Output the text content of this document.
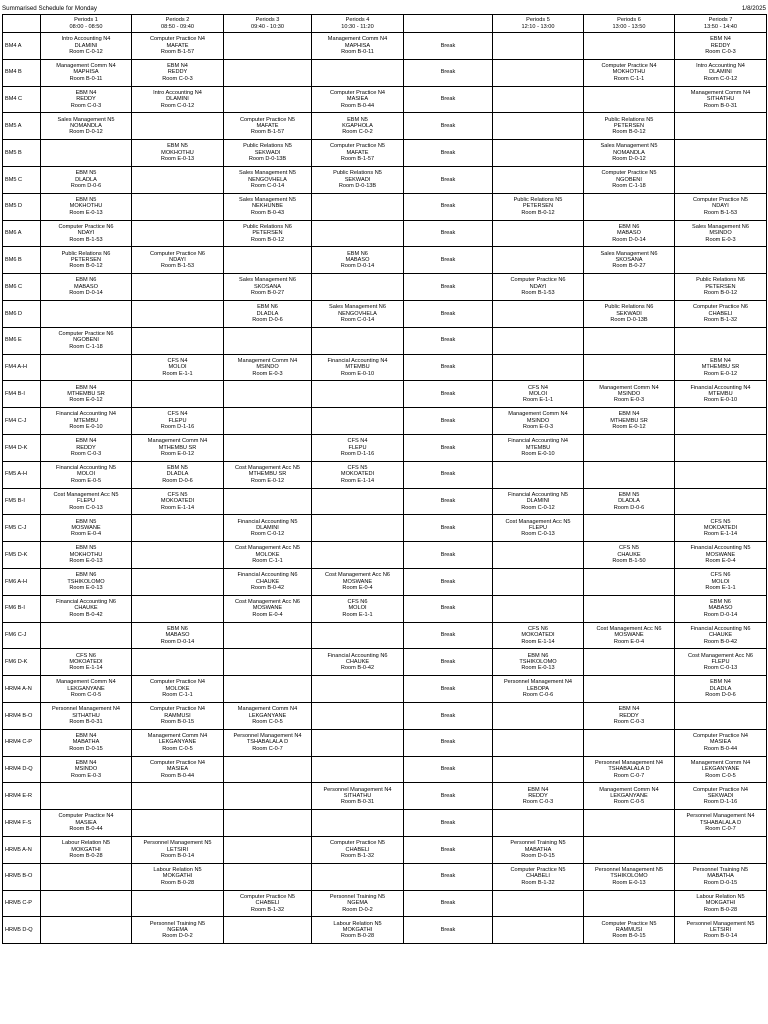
Summarised Schedule for Monday	1/8/2025

	Periods 1
08:00 - 08:50	Periods 2
08:50 - 09:40	Periods 3
09:40 - 10:30	Periods 4
10:30 - 11:20		Periods 5
12:10 - 13:00	Periods 6
13:00 - 13:50	Periods 7
13:50 - 14:40

BM4 A	Intro Accounting N4
DLAMINI
Room C-0-12	Computer Practice N4
MAFATE
Room B-1-57		Management Comm N4
MAPHISA
Room B-0-11	Break			EBM N4
REDDY
Room C-0-3

BM4 B	Management Comm N4
MAPHISA
Room B-0-11	EBM N4
REDDY
Room C-0-3			Break		Computer Practice N4
MOKHOTHU
Room C-1-1	Intro Accounting N4
DLAMINI
Room C-0-12

BM4 C	EBM N4
REDDY
Room C-0-3	Intro Accounting N4
DLAMINI
Room C-0-12		Computer Practice N4
MASIEA
Room B-0-44	Break			Management Comm N4
SITHATHU
Room B-0-31

BM5 A	Sales Management N5
NOMANDLA
Room D-0-12		Computer Practice N5
MAFATE
Room B-1-57	EBM N5
KGAPHOLA
Room C-0-2	Break		Public Relations N5
PETERSEN
Room B-0-12	

BM5 B		EBM N5
MOKHOTHU
Room E-0-13	Public Relations N5
SEKWADI
Room D-0-13B	Computer Practice N5
MAFATE
Room B-1-57	Break		Sales Management N5
NOMANDLA
Room D-0-12	

BM5 C	EBM N5
DLADLA
Room D-0-6		Sales Management N5
NENGOVHELA
Room C-0-14	Public Relations N5
SEKWADI
Room D-0-13B	Break		Computer Practice N5
NGOBENI
Room C-1-18	

BM5 D	EBM N5
MOKHOTHU
Room E-0-13		Sales Management N5
NEKHUNBE
Room B-0-43		Break	Public Relations N5
PETERSEN
Room B-0-12		Computer Practice N5
NDAYI
Room B-1-53

BM6 A	Computer Practice N6
NDAYI
Room B-1-53		Public Relations N6
PETERSEN
Room B-0-12		Break		EBM N6
MABASO
Room D-0-14	Sales Management N6
MSINDO
Room E-0-3

BM6 B	Public Relations N6
PETERSEN
Room B-0-12	Computer Practice N6
NDAYI
Room B-1-53		EBM N6
MABASO
Room D-0-14	Break		Sales Management N6
SKOSANA
Room B-0-27	

BM6 C	EBM N6
MABASO
Room D-0-14		Sales Management N6
SKOSANA
Room B-0-27		Break	Computer Practice N6
NDAYI
Room B-1-53		Public Relations N6
PETERSEN
Room B-0-12

BM6 D			EBM N6
DLADLA
Room D-0-6	Sales Management N6
NENGOVHELA
Room C-0-14	Break		Public Relations N6
SEKWADI
Room D-0-13B	Computer Practice N6
CHABELI
Room B-1-32

BM6 E	Computer Practice N6
NGOBENI
Room C-1-18				Break			

FM4 A-H		CFS N4
MOLOI
Room E-1-1	Management Comm N4
MSINDO
Room E-0-3	Financial Accounting N4
MTEMBU
Room E-0-10	Break			EBM N4
MTHEMBU SR
Room E-0-12

FM4 B-I	EBM N4
MTHEMBU SR
Room E-0-12				Break	CFS N4
MOLOI
Room E-1-1	Management Comm N4
MSINDO
Room E-0-3	Financial Accounting N4
MTEMBU
Room E-0-10

FM4 C-J	Financial Accounting N4
MTEMBU
Room E-0-10	CFS N4
FLEPU
Room D-1-16			Break	Management Comm N4
MSINDO
Room E-0-3	EBM N4
MTHEMBU SR
Room E-0-12	

FM4 D-K	EBM N4
REDDY
Room C-0-3	Management Comm N4
MTHEMBU SR
Room E-0-12		CFS N4
FLEPU
Room D-1-16	Break	Financial Accounting N4
MTEMBU
Room E-0-10		

FM5 A-H	Financial Accounting N5
MOLOI
Room E-0-5	EBM N5
DLADLA
Room D-0-6	Cost Management Acc N5
MTHEMBU SR
Room E-0-12	CFS N5
MOKOATEDI
Room E-1-14	Break			

FM5 B-I	Cost Management Acc N5
FLEPU
Room C-0-13	CFS N5
MOKOATEDI
Room E-1-14			Break	Financial Accounting N5
DLAMINI
Room C-0-12	EBM N5
DLADLA
Room D-0-6	

FM5 C-J	EBM N5
MOSWANE
Room E-0-4		Financial Accounting N5
DLAMINI
Room C-0-12		Break	Cost Management Acc N5
FLEPU
Room C-0-13		CFS N5
MOKOATEDI
Room E-1-14

FM5 D-K	EBM N5
MOKHOTHU
Room E-0-13		Cost Management Acc N5
MOLOKE
Room C-1-1		Break		CFS N5
CHAUKE
Room B-1-50	Financial Accounting N5
MOSWANE
Room E-0-4

FM6 A-H	EBM N6
TSHIKOLOMO
Room E-0-13		Financial Accounting N6
CHAUKE
Room B-0-42	Cost Management Acc N6
MOSWANE
Room E-0-4	Break			CFS N6
MOLOI
Room E-1-1

FM6 B-I	Financial Accounting N6
CHAUKE
Room B-0-42		Cost Management Acc N6
MOSWANE
Room E-0-4	CFS N6
MOLOI
Room E-1-1	Break			EBM N6
MABASO
Room D-0-14

FM6 C-J		EBM N6
MABASO
Room D-0-14			Break	CFS N6
MOKOATEDI
Room E-1-14	Cost Management Acc N6
MOSWANE
Room E-0-4	Financial Accounting N6
CHAUKE
Room B-0-42

FM6 D-K	CFS N6
MOKOATEDI
Room E-1-14			Financial Accounting N6
CHAUKE
Room B-0-42	Break	EBM N6
TSHIKOLOMO
Room E-0-13		Cost Management Acc N6
FLEPU
Room C-0-13

HRM4 A-N	Management Comm N4
LEKGANYANE
Room C-0-5	Computer Practice N4
MOLOKE
Room C-1-1			Break	Personnel Management N4
LEBOPA
Room C-0-6		EBM N4
DLADLA
Room D-0-6

HRM4 B-O	Personnel Management N4
SITHATHU
Room B-0-31	Computer Practice N4
RAMMUSI
Room B-0-15	Management Comm N4
LEKGANYANE
Room C-0-5		Break		EBM N4
REDDY
Room C-0-3	

HRM4 C-P	EBM N4
MABATHA
Room D-0-15	Management Comm N4
LEKGANYANE
Room C-0-5	Personnel Management N4
TSHABALALA D
Room C-0-7		Break			Computer Practice N4
MASIEA
Room B-0-44

HRM4 D-Q	EBM N4
MSINDO
Room E-0-3	Computer Practice N4
MASIEA
Room B-0-44			Break		Personnel Management N4
TSHABALALA D
Room C-0-7	Management Comm N4
LEKGANYANE
Room C-0-5

HRM4 E-R				Personnel Management N4
SITHATHU
Room B-0-31	Break	EBM N4
REDDY
Room C-0-3	Management Comm N4
LEKGANYANE
Room C-0-5	Computer Practice N4
SEKWADI
Room D-1-16

HRM4 F-S	Computer Practice N4
MASIEA
Room B-0-44				Break			Personnel Management N4
TSHABALALA D
Room C-0-7

HRM5 A-N	Labour Relation N5
MOKGATHI
Room B-0-28	Personnel Management N5
LETSIRI
Room B-0-14		Computer Practice N5
CHABELI
Room B-1-32	Break	Personnel Training N5
MABATHA
Room D-0-15		

HRM5 B-O		Labour Relation N5
MOKGATHI
Room B-0-28			Break	Computer Practice N5
CHABELI
Room B-1-32	Personnel Management N5
TSHIKOLOMO
Room E-0-13	Personnel Training N5
MABATHA
Room D-0-15

HRM5 C-P			Computer Practice N5
CHABELI
Room B-1-32	Personnel Training N5
NGEMA
Room D-0-2	Break			Labour Relation N5
MOKGATHI
Room B-0-28

HRM5 D-Q		Personnel Training N5
NGEMA
Room D-0-2		Labour Relation N5
MOKGATHI
Room B-0-28	Break		Computer Practice N5
RAMMUSI
Room B-0-15	Personnel Management N5
LETSIRI
Room B-0-14
